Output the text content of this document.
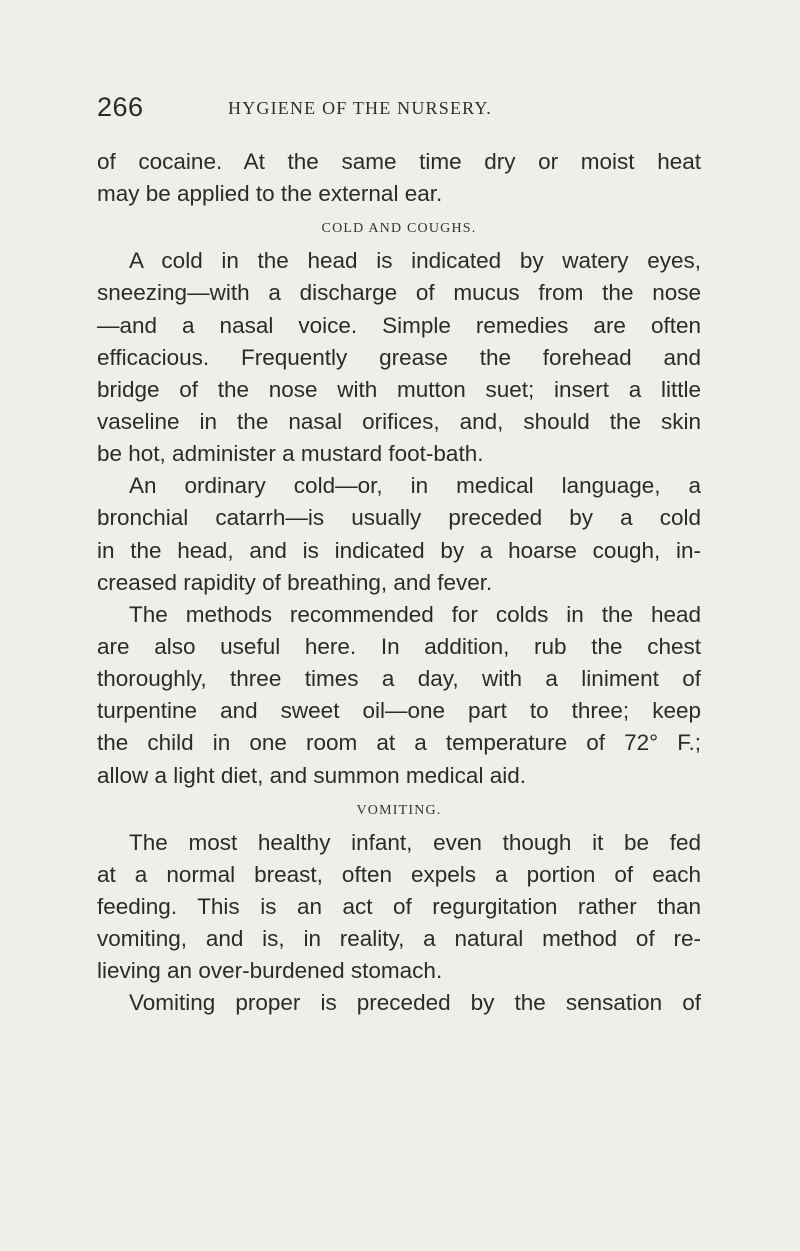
266	HYGIENE OF THE NURSERY.
of cocaine. At the same time dry or moist heat
may be applied to the external ear.
COLD AND COUGHS.
A cold in the head is indicated by watery eyes,
sneezing—with a discharge of mucus from the nose
—and a nasal voice. Simple remedies are often
efficacious. Frequently grease the forehead and
bridge of the nose with mutton suet; insert a little
vaseline in the nasal orifices, and, should the skin
be hot, administer a mustard foot-bath.
An ordinary cold—or, in medical language, a
bronchial catarrh—is usually preceded by a cold
in the head, and is indicated by a hoarse cough, in-
creased rapidity of breathing, and fever.
The methods recommended for colds in the head
are also useful here. In addition, rub the chest
thoroughly, three times a day, with a liniment of
turpentine and sweet oil—one part to three; keep
the child in one room at a temperature of 72° F.;
allow a light diet, and summon medical aid.
VOMITING.
The most healthy infant, even though it be fed
at a normal breast, often expels a portion of each
feeding. This is an act of regurgitation rather than
vomiting, and is, in reality, a natural method of re-
lieving an over-burdened stomach.
Vomiting proper is preceded by the sensation of
